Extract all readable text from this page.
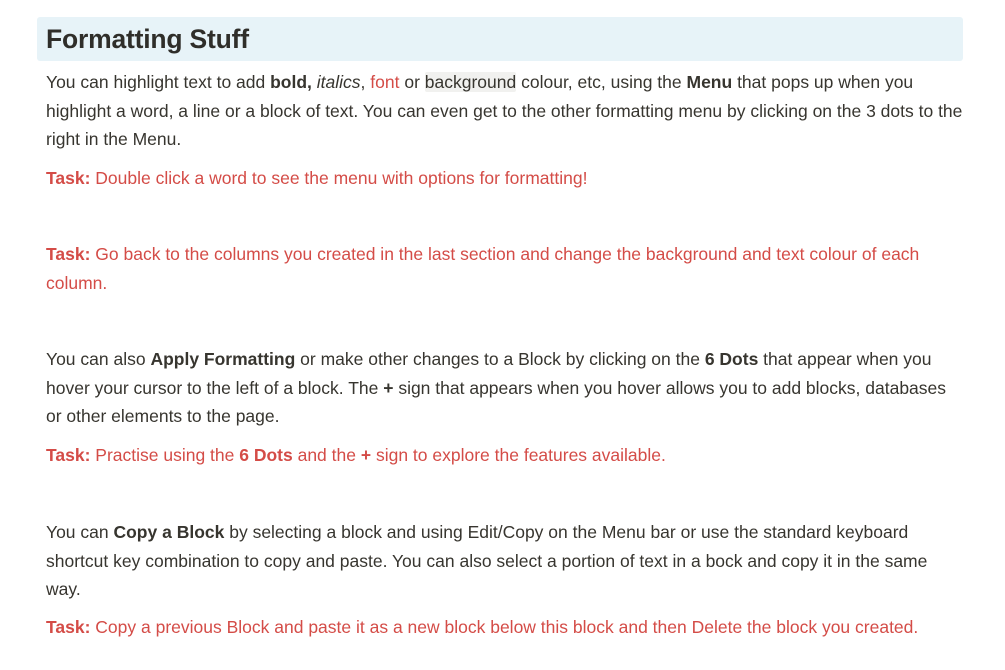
Formatting Stuff

You can highlight text to add bold, italics, font or background colour, etc, using the Menu that pops up when you highlight a word, a line or a block of text. You can even get to the other formatting menu by clicking on the 3 dots to the right in the Menu.

Task: Double click a word to see the menu with options for formatting!

Task: Go back to the columns you created in the last section and change the background and text colour of each column.

You can also Apply Formatting or make other changes to a Block by clicking on the 6 Dots that appear when you hover your cursor to the left of a block. The + sign that appears when you hover allows you to add blocks, databases or other elements to the page.

Task: Practise using the 6 Dots and the + sign to explore the features available.

You can Copy a Block by selecting a block and using Edit/Copy on the Menu bar or use the standard keyboard shortcut key combination to copy and paste. You can also select a portion of text in a bock and copy it in the same way.

Task: Copy a previous Block and paste it as a new block below this block and then Delete the block you created.
